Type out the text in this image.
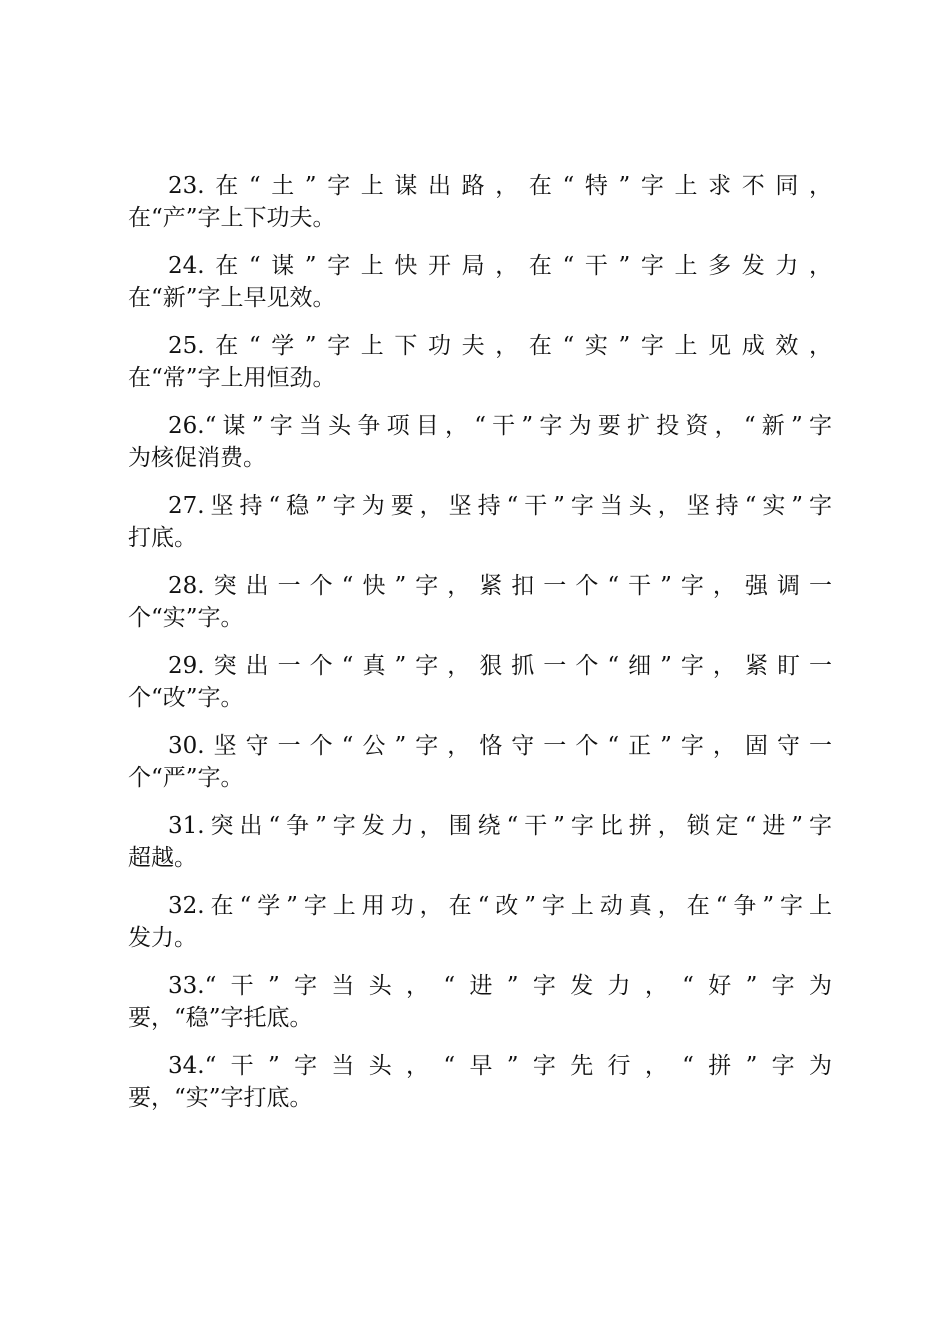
23.在“土”字上谋出路，在“特”字上求不同，
在“产”字上下功夫。

24.在“谋”字上快开局，在“干”字上多发力，
在“新”字上早见效。

25.在“学”字上下功夫，在“实”字上见成效，
在“常”字上用恒劲。

26.“谋”字当头争项目，“干”字为要扩投资，“新”字
为核促消费。

27.坚持“稳”字为要，坚持“干”字当头，坚持“实”字
打底。

28.突出一个“快”字，紧扣一个“干”字，强调一
个“实”字。

29.突出一个“真”字，狠抓一个“细”字，紧盯一
个“改”字。

30.坚守一个“公”字，恪守一个“正”字，固守一
个“严”字。

31.突出“争”字发力，围绕“干”字比拼，锁定“进”字
超越。

32.在“学”字上用功，在“改”字上动真，在“争”字上
发力。

33.“干”字当头，“进”字发力，“好”字为
要，“稳”字托底。

34.“干”字当头，“早”字先行，“拼”字为
要，“实”字打底。
